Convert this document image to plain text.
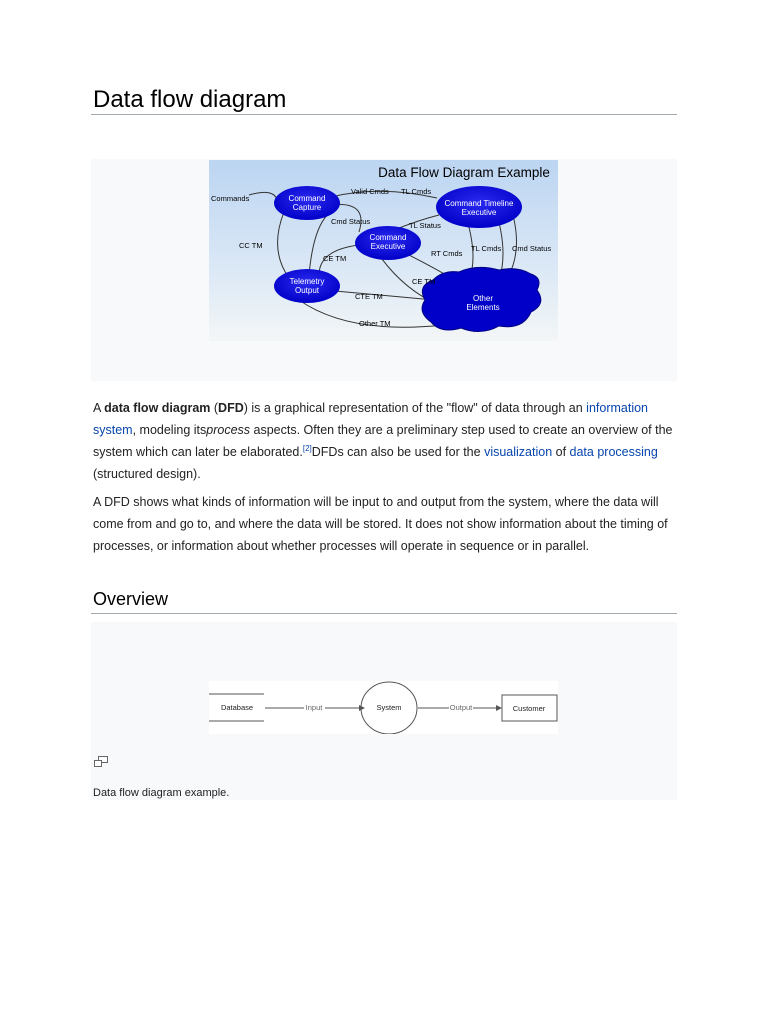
Data flow diagram
Data Flow Diagram Example
Command
Capture	Command Timeline
Executive
Command
Executive
Telemetry
Output
Other
Elements
Commands
Valid Cmds TL Cmds
Cmd Status	TL Status
CC TM
CE TM
RT Cmds
TL Cmds Cmd Status
CE TM
CTE TM
Other TM

A data flow diagram (DFD) is a graphical representation of the "flow" of data through an information system, modeling itsprocess aspects. Often they are a preliminary step used to create an overview of the system which can later be elaborated.[2]DFDs can also be used for the visualization of data processing (structured design).

A DFD shows what kinds of information will be input to and output from the system, where the data will come from and go to, and where the data will be stored. It does not show information about the timing of processes, or information about whether processes will operate in sequence or in parallel.

Overview
Database	Input	System	Output	Customer
Data flow diagram example.
